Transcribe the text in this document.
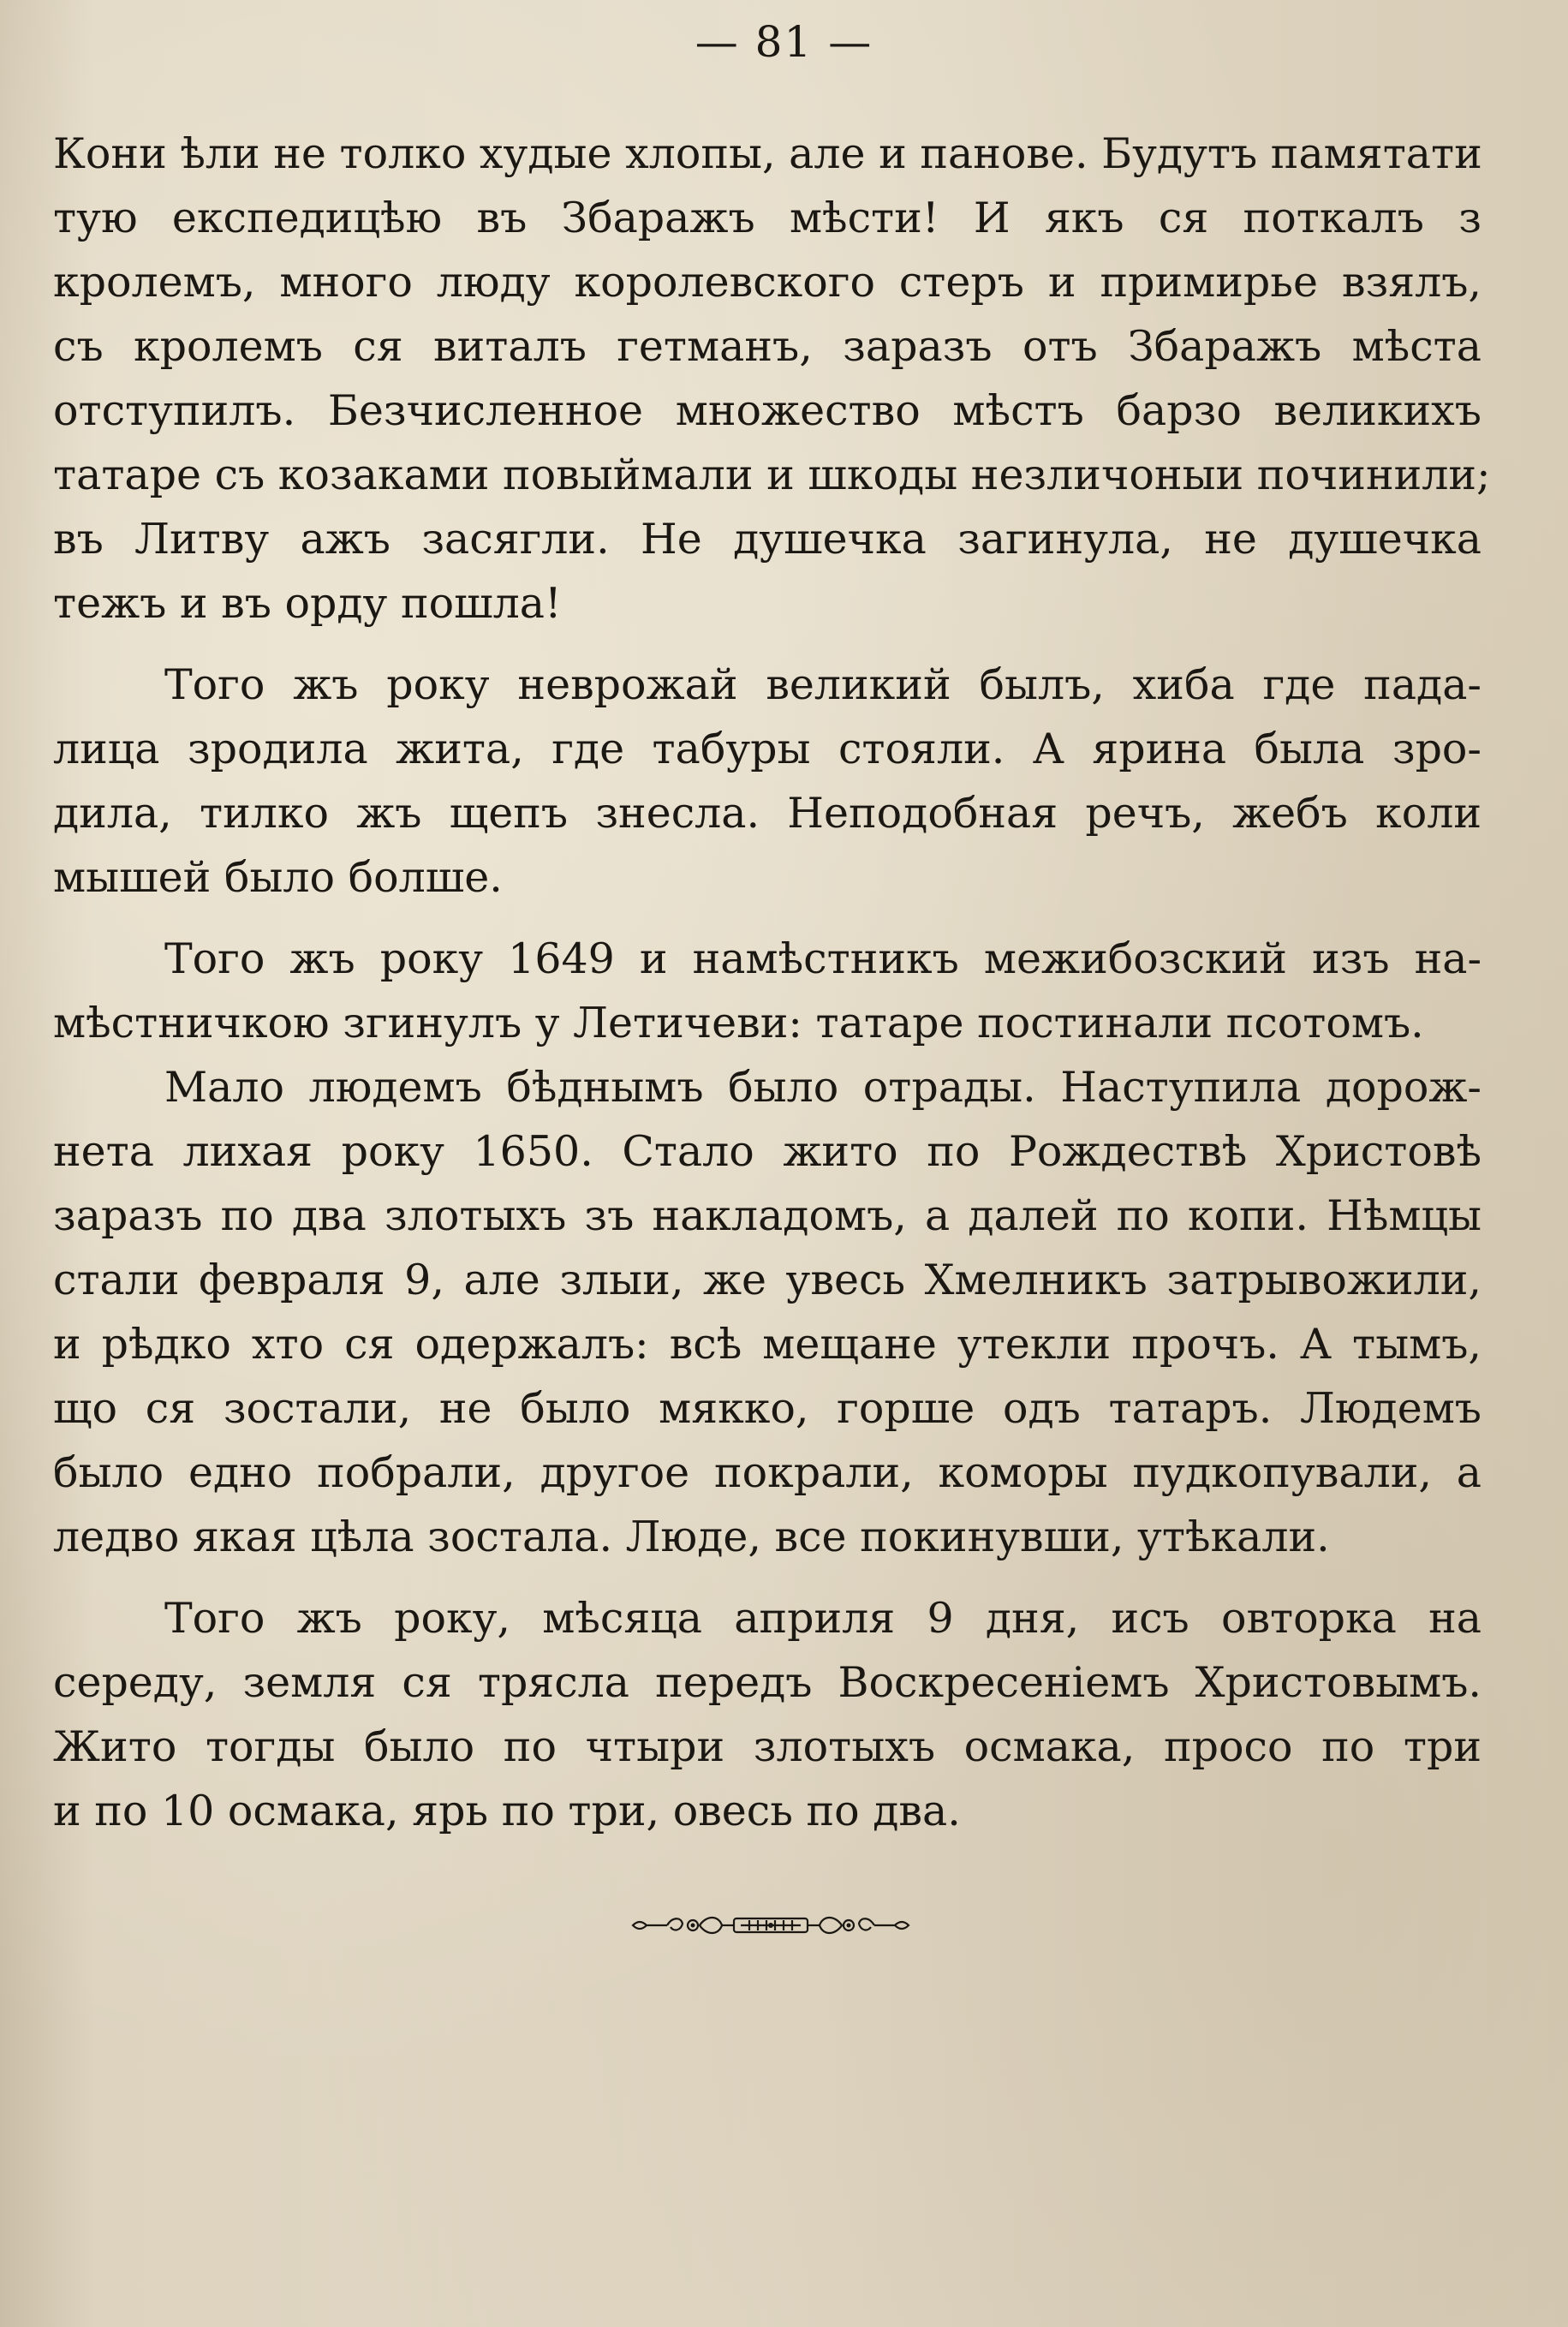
— 81 —
Кони ѣли не толко худые хлопы, але и панове. Будутъ памятати
тую експедицѣю въ Збаражъ мѣсти! И якъ ся поткалъ з
кролемъ, много люду королевского стеръ и примирье взялъ,
съ кролемъ ся виталъ гетманъ, заразъ отъ Збаражъ мѣста
отступилъ. Безчисленное множество мѣстъ барзо великихъ
татаре съ козаками повыймали и шкоды незличоныи починили;
въ Литву ажъ засягли. Не душечка загинула, не душечка
тежъ и въ орду пошла!
Того жъ року неврожай великий былъ, хиба где пада-
лица зродила жита, где табуры стояли. А ярина была зро-
дила, тилко жъ щепъ знесла. Неподобная речъ, жебъ коли
мышей было болше.
Того жъ року 1649 и намѣстникъ межибозский изъ на-
мѣстничкою згинулъ у Летичеви: татаре постинали псотомъ.
Мало людемъ бѣднымъ было отрады. Наступила дорож-
нета лихая року 1650. Стало жито по Рождествѣ Христовѣ
заразъ по два злотыхъ зъ накладомъ, а далей по копи. Нѣмцы
стали февраля 9, але злыи, же увесь Хмелникъ затрывожили,
и рѣдко хто ся одержалъ: всѣ мещане утекли прочъ. А тымъ,
що ся зостали, не было мякко, горше одъ татаръ. Людемъ
было едно побрали, другое покрали, коморы пудкопували, а
ледво якая цѣла зостала. Люде, все покинувши, утѣкали.
Того жъ року, мѣсяца априля 9 дня, исъ овторка на
середу, земля ся трясла передъ Воскресенiемъ Христовымъ.
Жито тогды было по чтыри злотыхъ осмака, просо по три
и по 10 осмака, ярь по три, овесь по два.
